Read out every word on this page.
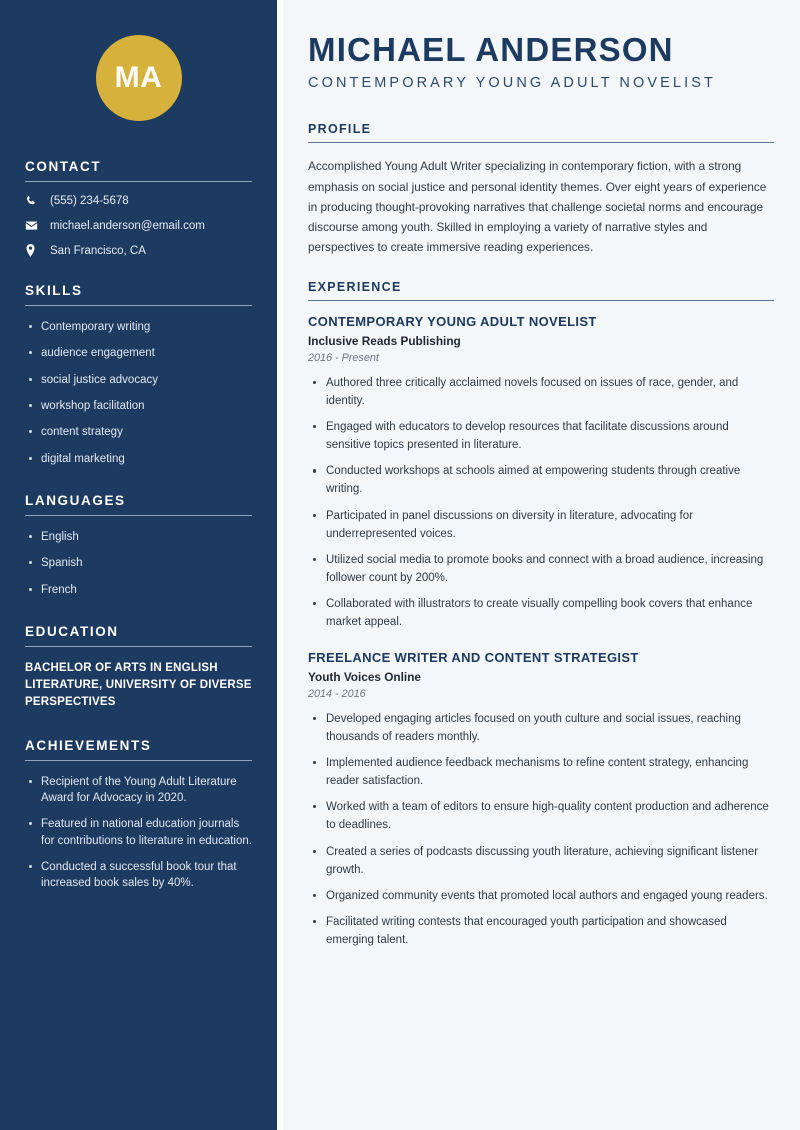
MA
CONTACT
(555) 234-5678
michael.anderson@email.com
San Francisco, CA
SKILLS
Contemporary writing
audience engagement
social justice advocacy
workshop facilitation
content strategy
digital marketing
LANGUAGES
English
Spanish
French
EDUCATION
BACHELOR OF ARTS IN ENGLISH LITERATURE, UNIVERSITY OF DIVERSE PERSPECTIVES
ACHIEVEMENTS
Recipient of the Young Adult Literature Award for Advocacy in 2020.
Featured in national education journals for contributions to literature in education.
Conducted a successful book tour that increased book sales by 40%.
MICHAEL ANDERSON
CONTEMPORARY YOUNG ADULT NOVELIST
PROFILE

Accomplished Young Adult Writer specializing in contemporary fiction, with a strong emphasis on social justice and personal identity themes. Over eight years of experience in producing thought-provoking narratives that challenge societal norms and encourage discourse among youth. Skilled in employing a variety of narrative styles and perspectives to create immersive reading experiences.

EXPERIENCE
CONTEMPORARY YOUNG ADULT NOVELIST
Inclusive Reads Publishing
2016 - Present
Authored three critically acclaimed novels focused on issues of race, gender, and identity.
Engaged with educators to develop resources that facilitate discussions around sensitive topics presented in literature.
Conducted workshops at schools aimed at empowering students through creative writing.
Participated in panel discussions on diversity in literature, advocating for underrepresented voices.
Utilized social media to promote books and connect with a broad audience, increasing follower count by 200%.
Collaborated with illustrators to create visually compelling book covers that enhance market appeal.
FREELANCE WRITER AND CONTENT STRATEGIST
Youth Voices Online
2014 - 2016
Developed engaging articles focused on youth culture and social issues, reaching thousands of readers monthly.
Implemented audience feedback mechanisms to refine content strategy, enhancing reader satisfaction.
Worked with a team of editors to ensure high-quality content production and adherence to deadlines.
Created a series of podcasts discussing youth literature, achieving significant listener growth.
Organized community events that promoted local authors and engaged young readers.
Facilitated writing contests that encouraged youth participation and showcased emerging talent.
